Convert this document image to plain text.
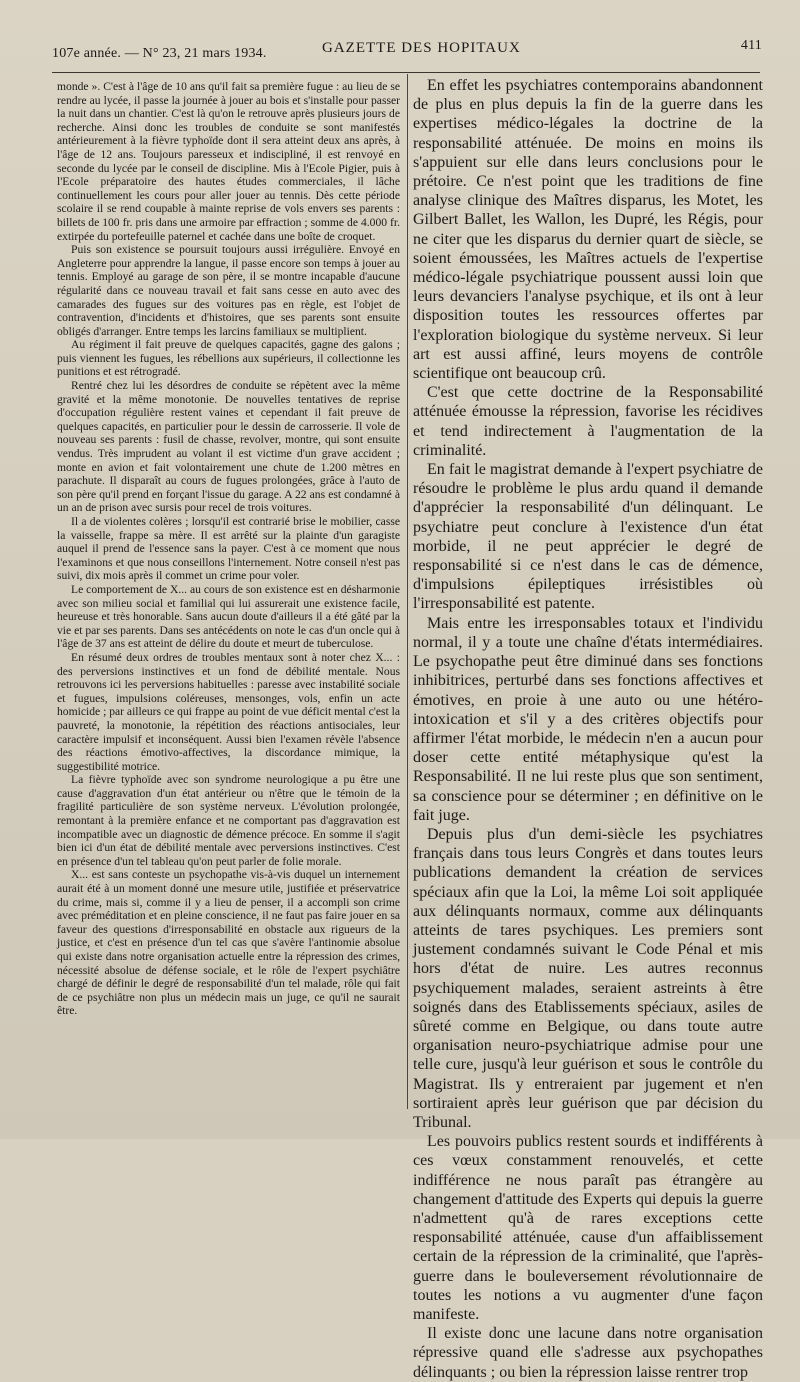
107e année. — N° 23, 21 mars 1934.	GAZETTE DES HOPITAUX	411

monde ». C'est à l'âge de 10 ans qu'il fait sa première fugue : au lieu de se rendre au lycée, il passe la journée à jouer au bois et s'installe pour passer la nuit dans un chantier. C'est là qu'on le retrouve après plusieurs jours de recherche. Ainsi donc les troubles de conduite se sont manifestés antérieurement à la fièvre typhoïde dont il sera atteint deux ans après, à l'âge de 12 ans. Toujours paresseux et indiscipliné, il est renvoyé en seconde du lycée par le conseil de discipline. Mis à l'Ecole Pigier, puis à l'Ecole préparatoire des hautes études commerciales, il lâche continuellement les cours pour aller jouer au tennis. Dès cette période scolaire il se rend coupable à mainte reprise de vols envers ses parents : billets de 100 fr. pris dans une armoire par effraction ; somme de 4.000 fr. extirpée du portefeuille paternel et cachée dans une boîte de croquet.

Puis son existence se poursuit toujours aussi irrégulière. Envoyé en Angleterre pour apprendre la langue, il passe encore son temps à jouer au tennis. Employé au garage de son père, il se montre incapable d'aucune régularité dans ce nouveau travail et fait sans cesse en auto avec des camarades des fugues sur des voitures pas en règle, est l'objet de contravention, d'incidents et d'histoires, que ses parents sont ensuite obligés d'arranger. Entre temps les larcins familiaux se multiplient.

Au régiment il fait preuve de quelques capacités, gagne des galons ; puis viennent les fugues, les rébellions aux supérieurs, il collectionne les punitions et est rétrogradé.

Rentré chez lui les désordres de conduite se répètent avec la même gravité et la même monotonie. De nouvelles tentatives de reprise d'occupation régulière restent vaines et cependant il fait preuve de quelques capacités, en particulier pour le dessin de carrosserie. Il vole de nouveau ses parents : fusil de chasse, revolver, montre, qui sont ensuite vendus. Très imprudent au volant il est victime d'un grave accident ; monte en avion et fait volontairement une chute de 1.200 mètres en parachute. Il disparaît au cours de fugues prolongées, grâce à l'auto de son père qu'il prend en forçant l'issue du garage. A 22 ans est condamné à un an de prison avec sursis pour recel de trois voitures.

Il a de violentes colères ; lorsqu'il est contrarié brise le mobilier, casse la vaisselle, frappe sa mère. Il est arrêté sur la plainte d'un garagiste auquel il prend de l'essence sans la payer. C'est à ce moment que nous l'examinons et que nous conseillons l'internement. Notre conseil n'est pas suivi, dix mois après il commet un crime pour voler.

Le comportement de X... au cours de son existence est en désharmonie avec son milieu social et familial qui lui assurerait une existence facile, heureuse et très honorable. Sans aucun doute d'ailleurs il a été gâté par la vie et par ses parents. Dans ses antécédents on note le cas d'un oncle qui à l'âge de 37 ans est atteint de délire du doute et meurt de tuberculose.

En résumé deux ordres de troubles mentaux sont à noter chez X... : des perversions instinctives et un fond de débilité mentale. Nous retrouvons ici les perversions habituelles : paresse avec instabilité sociale et fugues, impulsions coléreuses, mensonges, vols, enfin un acte homicide ; par ailleurs ce qui frappe au point de vue déficit mental c'est la pauvreté, la monotonie, la répétition des réactions antisociales, leur caractère impulsif et inconséquent. Aussi bien l'examen révèle l'absence des réactions émotivo-affectives, la discordance mimique, la suggestibilité motrice.

La fièvre typhoïde avec son syndrome neurologique a pu être une cause d'aggravation d'un état antérieur ou n'être que le témoin de la fragilité particulière de son système nerveux. L'évolution prolongée, remontant à la première enfance et ne comportant pas d'aggravation est incompatible avec un diagnostic de démence précoce. En somme il s'agit bien ici d'un état de débilité mentale avec perversions instinctives. C'est en présence d'un tel tableau qu'on peut parler de folie morale.

X... est sans conteste un psychopathe vis-à-vis duquel un internement aurait été à un moment donné une mesure utile, justifiée et préservatrice du crime, mais si, comme il y a lieu de penser, il a accompli son crime avec préméditation et en pleine conscience, il ne faut pas faire jouer en sa faveur des questions d'irresponsabilité en obstacle aux rigueurs de la justice, et c'est en présence d'un tel cas que s'avère l'antinomie absolue qui existe dans notre organisation actuelle entre la répression des crimes, nécessité absolue de défense sociale, et le rôle de l'expert psychiâtre chargé de définir le degré de responsabilité d'un tel malade, rôle qui fait de ce psychiâtre non plus un médecin mais un juge, ce qu'il ne saurait être.

En effet les psychiatres contemporains abandonnent de plus en plus depuis la fin de la guerre dans les expertises médico-légales la doctrine de la responsabilité atténuée. De moins en moins ils s'appuient sur elle dans leurs conclusions pour le prétoire. Ce n'est point que les traditions de fine analyse clinique des Maîtres disparus, les Motet, les Gilbert Ballet, les Wallon, les Dupré, les Régis, pour ne citer que les disparus du dernier quart de siècle, se soient émoussées, les Maîtres actuels de l'expertise médico-légale psychiatrique poussent aussi loin que leurs devanciers l'analyse psychique, et ils ont à leur disposition toutes les ressources offertes par l'exploration biologique du système nerveux. Si leur art est aussi affiné, leurs moyens de contrôle scientifique ont beaucoup crû.

C'est que cette doctrine de la Responsabilité atténuée émousse la répression, favorise les récidives et tend indirectement à l'augmentation de la criminalité.

En fait le magistrat demande à l'expert psychiatre de résoudre le problème le plus ardu quand il demande d'apprécier la responsabilité d'un délinquant. Le psychiatre peut conclure à l'existence d'un état morbide, il ne peut apprécier le degré de responsabilité si ce n'est dans le cas de démence, d'impulsions épileptiques irrésistibles où l'irresponsabilité est patente.

Mais entre les irresponsables totaux et l'individu normal, il y a toute une chaîne d'états intermédiaires. Le psychopathe peut être diminué dans ses fonctions inhibitrices, perturbé dans ses fonctions affectives et émotives, en proie à une auto ou une hétéro-intoxication et s'il y a des critères objectifs pour affirmer l'état morbide, le médecin n'en a aucun pour doser cette entité métaphysique qu'est la Responsabilité. Il ne lui reste plus que son sentiment, sa conscience pour se déterminer ; en définitive on le fait juge.

Depuis plus d'un demi-siècle les psychiatres français dans tous leurs Congrès et dans toutes leurs publications demandent la création de services spéciaux afin que la Loi, la même Loi soit appliquée aux délinquants normaux, comme aux délinquants atteints de tares psychiques. Les premiers sont justement condamnés suivant le Code Pénal et mis hors d'état de nuire. Les autres reconnus psychiquement malades, seraient astreints à être soignés dans des Etablissements spéciaux, asiles de sûreté comme en Belgique, ou dans toute autre organisation neuro-psychiatrique admise pour une telle cure, jusqu'à leur guérison et sous le contrôle du Magistrat. Ils y entreraient par jugement et n'en sortiraient après leur guérison que par décision du Tribunal.

Les pouvoirs publics restent sourds et indifférents à ces vœux constamment renouvelés, et cette indifférence ne nous paraît pas étrangère au changement d'attitude des Experts qui depuis la guerre n'admettent qu'à de rares exceptions cette responsabilité atténuée, cause d'un affaiblissement certain de la répression de la criminalité, que l'après-guerre dans le bouleversement révolutionnaire de toutes les notions a vu augmenter d'une façon manifeste.

Il existe donc une lacune dans notre organisation répressive quand elle s'adresse aux psychopathes délinquants ; ou bien la répression laisse rentrer trop
